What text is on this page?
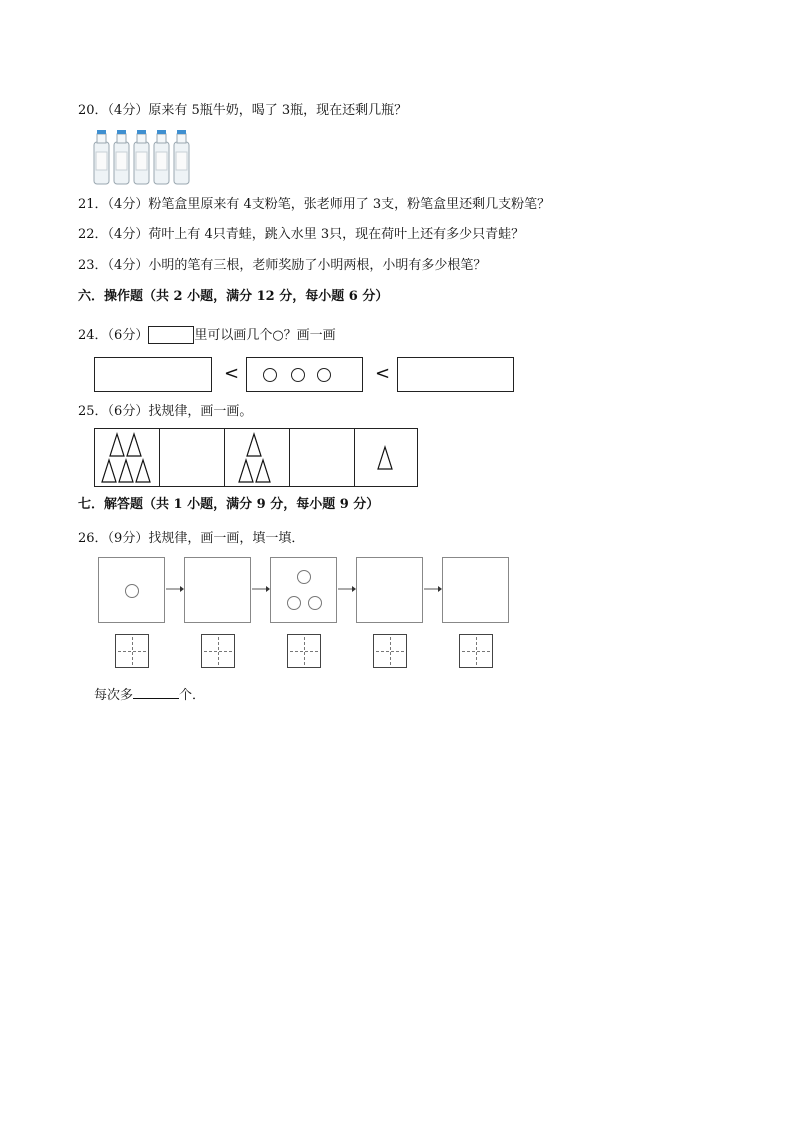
20．（4分）原来有 5瓶牛奶，喝了 3瓶，现在还剩几瓶？
21．（4分）粉笔盒里原来有 4支粉笔，张老师用了 3支，粉笔盒里还剩几支粉笔？
22．（4分）荷叶上有 4只青蛙，跳入水里 3只，现在荷叶上还有多少只青蛙？
23．（4分）小明的笔有三根，老师奖励了小明两根，小明有多少根笔？
六．操作题（共 2 小题，满分 12 分，每小题 6 分）
24．（6分）	里可以画几个○？画一画
<	<
25．（6分）找规律，画一画。
七．解答题（共 1 小题，满分 9 分，每小题 9 分）
26．（9分）找规律，画一画，填一填．
每次多	个．
